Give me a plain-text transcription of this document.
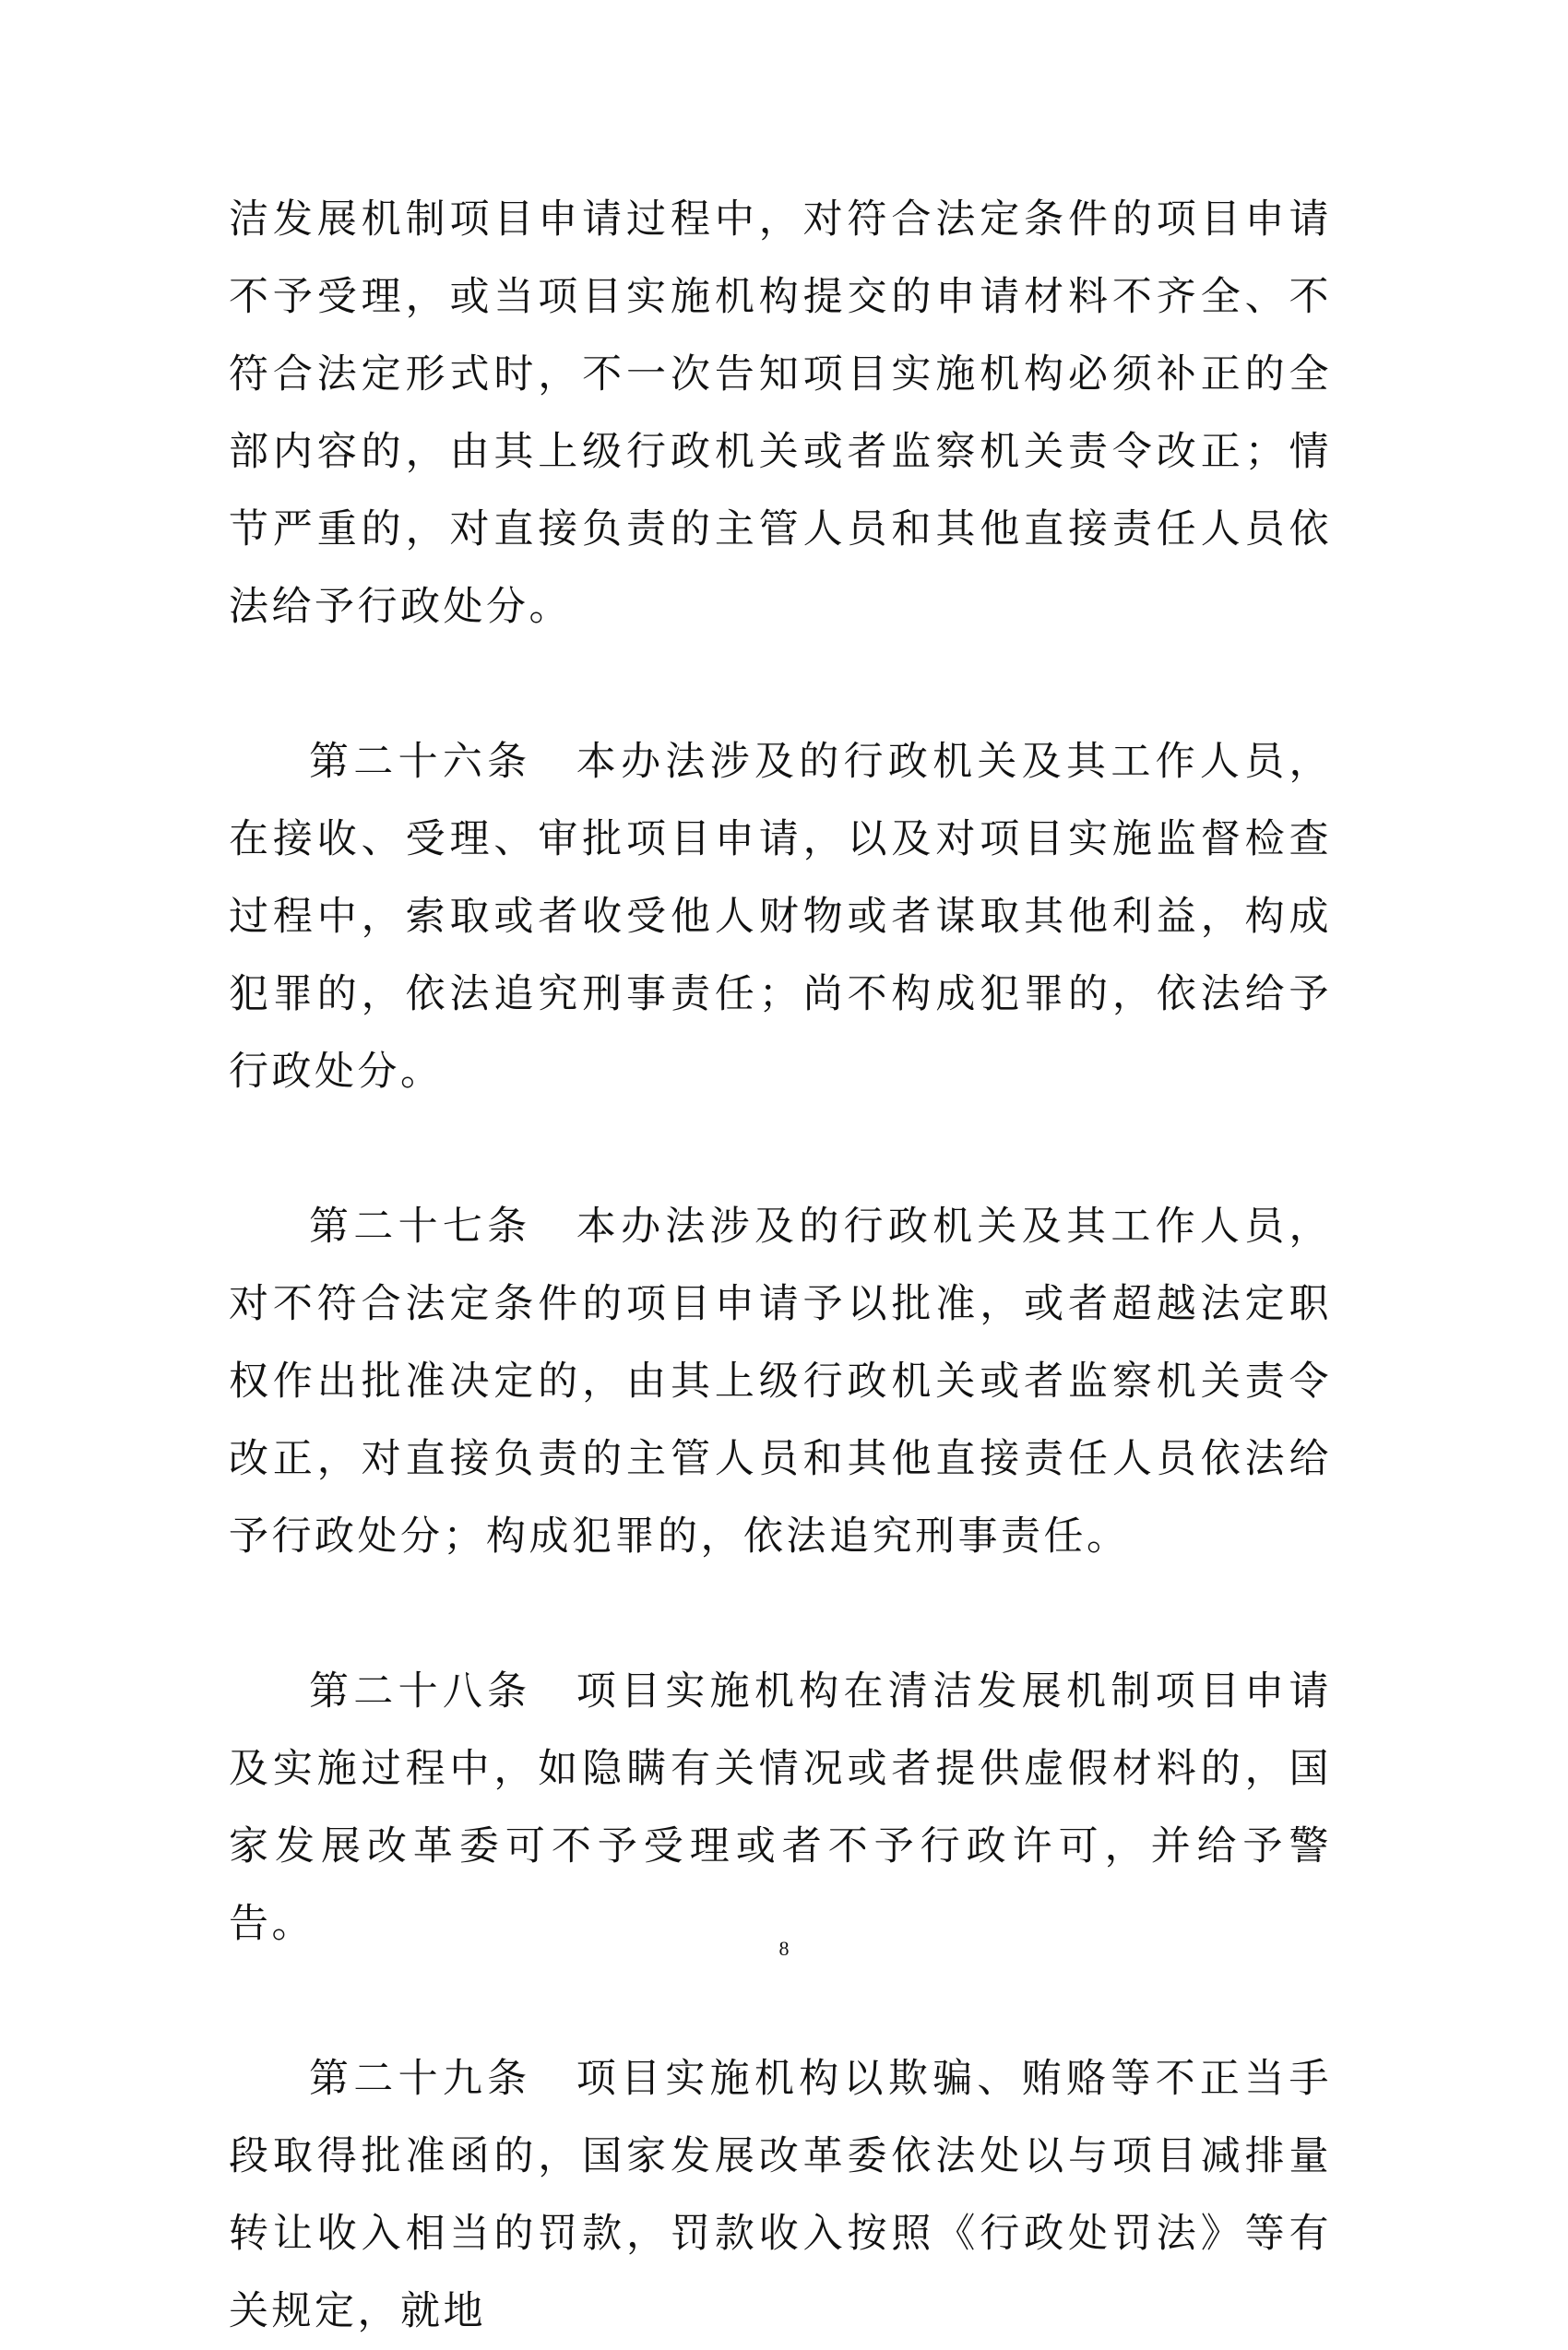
洁发展机制项目申请过程中，对符合法定条件的项目申请不予受理，或当项目实施机构提交的申请材料不齐全、不符合法定形式时，不一次告知项目实施机构必须补正的全部内容的，由其上级行政机关或者监察机关责令改正；情节严重的，对直接负责的主管人员和其他直接责任人员依法给予行政处分。

第二十六条　本办法涉及的行政机关及其工作人员，在接收、受理、审批项目申请，以及对项目实施监督检查过程中，索取或者收受他人财物或者谋取其他利益，构成犯罪的，依法追究刑事责任；尚不构成犯罪的，依法给予行政处分。

第二十七条　本办法涉及的行政机关及其工作人员，对不符合法定条件的项目申请予以批准，或者超越法定职权作出批准决定的，由其上级行政机关或者监察机关责令改正，对直接负责的主管人员和其他直接责任人员依法给予行政处分；构成犯罪的，依法追究刑事责任。

第二十八条　项目实施机构在清洁发展机制项目申请及实施过程中，如隐瞒有关情况或者提供虚假材料的，国家发展改革委可不予受理或者不予行政许可，并给予警告。

第二十九条　项目实施机构以欺骗、贿赂等不正当手段取得批准函的，国家发展改革委依法处以与项目减排量转让收入相当的罚款，罚款收入按照《行政处罚法》等有关规定，就地

8
